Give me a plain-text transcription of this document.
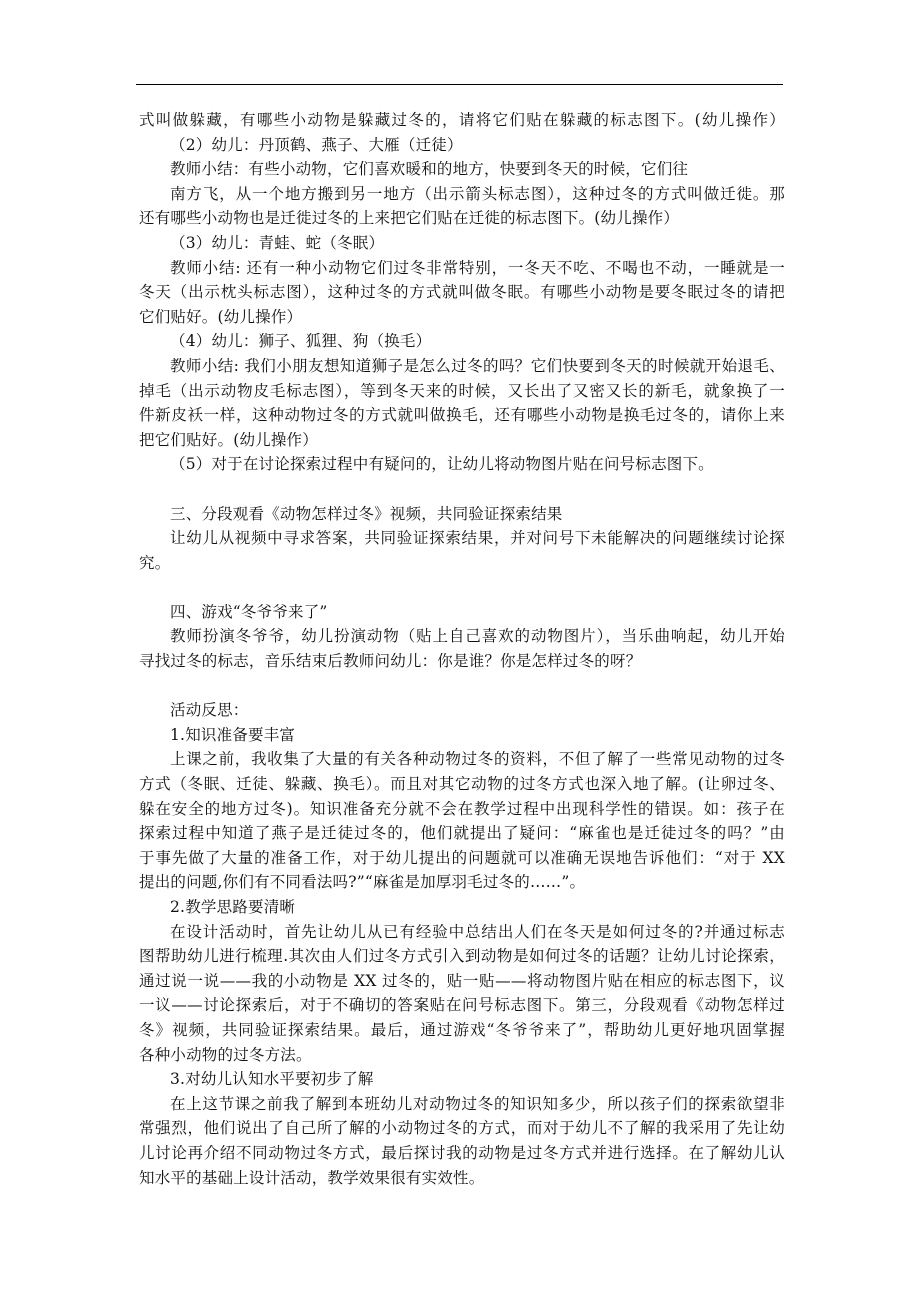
式叫做躲藏，有哪些小动物是躲藏过冬的，请将它们贴在躲藏的标志图下。(幼儿操作）
（2）幼儿：丹顶鹤、燕子、大雁（迁徒）
教师小结：有些小动物，它们喜欢暖和的地方，快要到冬天的时候，它们往
南方飞，从一个地方搬到另一地方（出示箭头标志图），这种过冬的方式叫做迁徙。那
还有哪些小动物也是迁徙过冬的上来把它们贴在迁徙的标志图下。(幼儿操作）
（3）幼儿：青蛙、蛇（冬眠）
教师小结: 还有一种小动物它们过冬非常特别，一冬天不吃、不喝也不动，一睡就是一
冬天（出示枕头标志图），这种过冬的方式就叫做冬眠。有哪些小动物是要冬眠过冬的请把
它们贴好。(幼儿操作）
（4）幼儿：狮子、狐狸、狗（换毛）
教师小结: 我们小朋友想知道狮子是怎么过冬的吗？它们快要到冬天的时候就开始退毛、
掉毛（出示动物皮毛标志图），等到冬天来的时候，又长出了又密又长的新毛，就象换了一
件新皮袄一样，这种动物过冬的方式就叫做换毛，还有哪些小动物是换毛过冬的，请你上来
把它们贴好。(幼儿操作）
（5）对于在讨论探索过程中有疑问的，让幼儿将动物图片贴在问号标志图下。
三、分段观看《动物怎样过冬》视频，共同验证探索结果
让幼儿从视频中寻求答案，共同验证探索结果，并对问号下未能解决的问题继续讨论探
究。
四、游戏“冬爷爷来了”
教师扮演冬爷爷，幼儿扮演动物（贴上自己喜欢的动物图片），当乐曲响起，幼儿开始
寻找过冬的标志，音乐结束后教师问幼儿：你是谁？你是怎样过冬的呀？
活动反思：
1.知识准备要丰富
上课之前，我收集了大量的有关各种动物过冬的资料，不但了解了一些常见动物的过冬
方式（冬眠、迁徒、躲藏、换毛）。而且对其它动物的过冬方式也深入地了解。(让卵过冬、
躲在安全的地方过冬)。知识准备充分就不会在教学过程中出现科学性的错误。如：孩子在
探索过程中知道了燕子是迁徒过冬的，他们就提出了疑问：“麻雀也是迁徒过冬的吗？”由
于事先做了大量的准备工作，对于幼儿提出的问题就可以准确无误地告诉他们：“对于 XX
提出的问题,你们有不同看法吗?”“麻雀是加厚羽毛过冬的……”。
2.教学思路要清晰
在设计活动时，首先让幼儿从已有经验中总结出人们在冬天是如何过冬的?并通过标志
图帮助幼儿进行梳理.其次由人们过冬方式引入到动物是如何过冬的话题？让幼儿讨论探索，
通过说一说——我的小动物是 XX 过冬的，贴一贴——将动物图片贴在相应的标志图下，议
一议——讨论探索后，对于不确切的答案贴在问号标志图下。第三，分段观看《动物怎样过
冬》视频，共同验证探索结果。最后，通过游戏“冬爷爷来了”，帮助幼儿更好地巩固掌握
各种小动物的过冬方法。
3.对幼儿认知水平要初步了解
在上这节课之前我了解到本班幼儿对动物过冬的知识知多少，所以孩子们的探索欲望非
常强烈，他们说出了自己所了解的小动物过冬的方式，而对于幼儿不了解的我采用了先让幼
儿讨论再介绍不同动物过冬方式，最后探讨我的动物是过冬方式并进行选择。在了解幼儿认
知水平的基础上设计活动，教学效果很有实效性。
